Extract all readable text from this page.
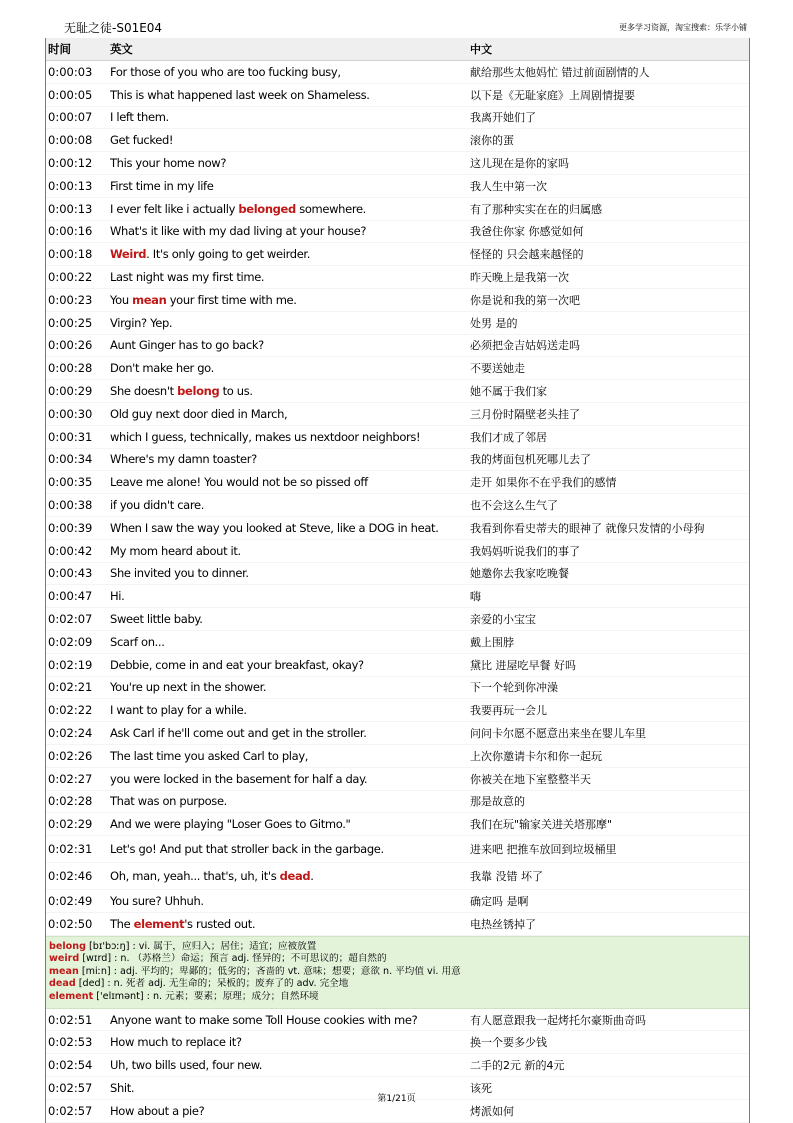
无耻之徒-S01E04	更多学习资源，淘宝搜索：乐学小铺
时间	英文	中文
0:00:03	For those of you who are too fucking busy,	献给那些太他妈忙 错过前面剧情的人
0:00:05	This is what happened last week on Shameless.	以下是《无耻家庭》上周剧情提要
0:00:07	I left them.	我离开她们了
0:00:08	Get fucked!	滚你的蛋
0:00:12	This your home now?	这儿现在是你的家吗
0:00:13	First time in my life	我人生中第一次
0:00:13	I ever felt like i actually belonged somewhere.	有了那种实实在在的归属感
0:00:16	What's it like with my dad living at your house?	我爸住你家 你感觉如何
0:00:18	Weird. It's only going to get weirder.	怪怪的 只会越来越怪的
0:00:22	Last night was my first time.	昨天晚上是我第一次
0:00:23	You mean your first time with me.	你是说和我的第一次吧
0:00:25	Virgin? Yep.	处男 是的
0:00:26	Aunt Ginger has to go back?	必须把金吉姑妈送走吗
0:00:28	Don't make her go.	不要送她走
0:00:29	She doesn't belong to us.	她不属于我们家
0:00:30	Old guy next door died in March,	三月份时隔壁老头挂了
0:00:31	which I guess, technically, makes us nextdoor neighbors!	我们才成了邻居
0:00:34	Where's my damn toaster?	我的烤面包机死哪儿去了
0:00:35	Leave me alone! You would not be so pissed off	走开 如果你不在乎我们的感情
0:00:38	if you didn't care.	也不会这么生气了
0:00:39	When I saw the way you looked at Steve, like a DOG in heat.	我看到你看史蒂夫的眼神了 就像只发情的小母狗
0:00:42	My mom heard about it.	我妈妈听说我们的事了
0:00:43	She invited you to dinner.	她邀你去我家吃晚餐
0:00:47	Hi.	嗨
0:02:07	Sweet little baby.	亲爱的小宝宝
0:02:09	Scarf on...	戴上围脖
0:02:19	Debbie, come in and eat your breakfast, okay?	黛比 进屋吃早餐 好吗
0:02:21	You're up next in the shower.	下一个轮到你冲澡
0:02:22	I want to play for a while.	我要再玩一会儿
0:02:24	Ask Carl if he'll come out and get in the stroller.	问问卡尔愿不愿意出来坐在婴儿车里
0:02:26	The last time you asked Carl to play,	上次你邀请卡尔和你一起玩
0:02:27	you were locked in the basement for half a day.	你被关在地下室整整半天
0:02:28	That was on purpose.	那是故意的
0:02:29	And we were playing "Loser Goes to Gitmo."	我们在玩"输家关进关塔那摩"
0:02:31	Let's go! And put that stroller back in the garbage.	进来吧 把推车放回到垃圾桶里
0:02:46	Oh, man, yeah... that's, uh, it's dead.	我靠 没错 坏了
0:02:49	You sure? Uhhuh.	确定吗 是啊
0:02:50	The element's rusted out.	电热丝锈掉了
belong [bɪ'bɔːŋ] : vi. 属于，应归入；居住；适宜；应被放置
weird [wɪrd] : n. （苏格兰）命运；预言 adj. 怪异的；不可思议的；超自然的
mean [miːn] : adj. 平均的；卑鄙的；低劣的；吝啬的 vt. 意味；想要；意欲 n. 平均值 vi. 用意
dead [ded] : n. 死者 adj. 无生命的；呆板的；废弃了的 adv. 完全地
element ['elɪmənt] : n. 元素；要素；原理；成分；自然环境
0:02:51	Anyone want to make some Toll House cookies with me?	有人愿意跟我一起烤托尔豪斯曲奇吗
0:02:53	How much to replace it?	换一个要多少钱
0:02:54	Uh, two bills used, four new.	二手的2元 新的4元
0:02:57	Shit.	该死
0:02:57	How about a pie?	烤派如何
第1/21页
